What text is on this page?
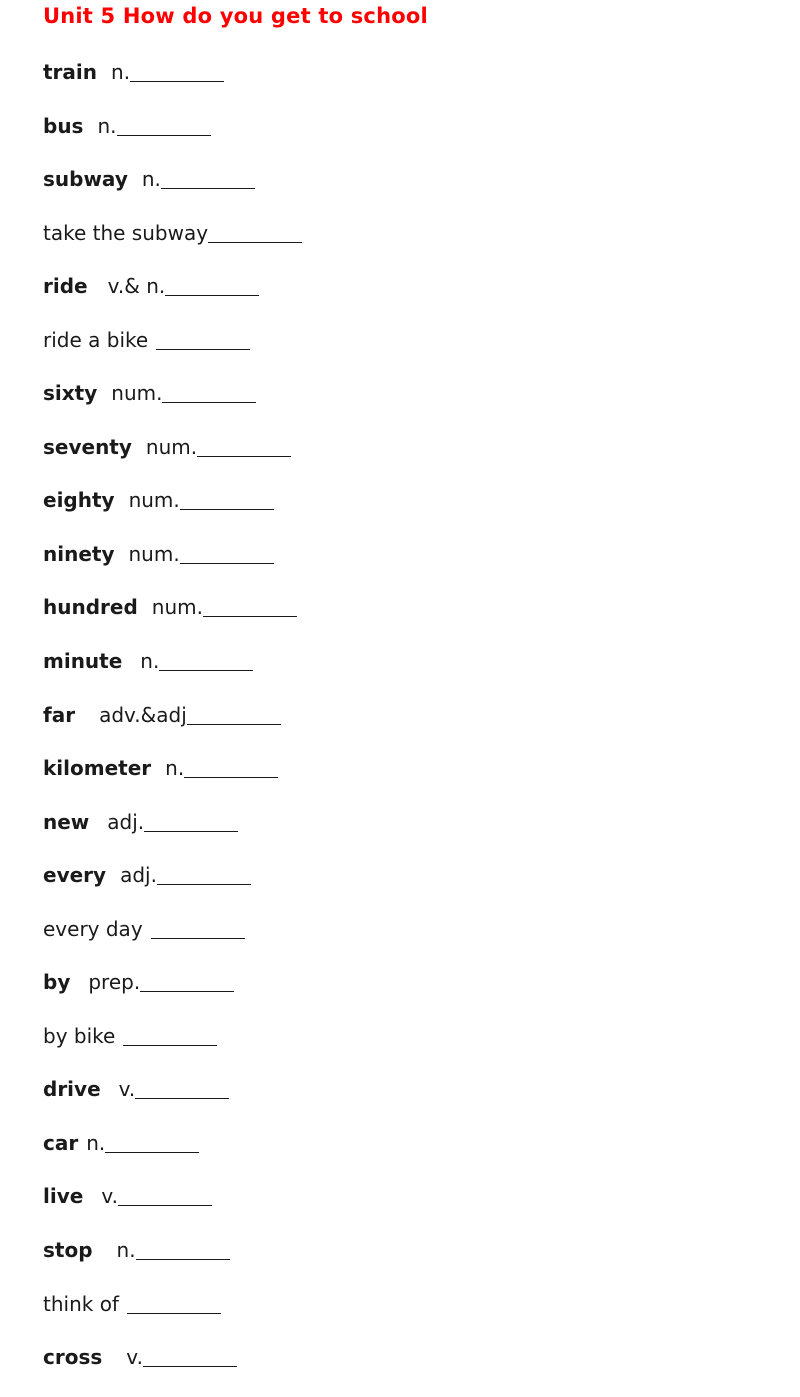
Unit 5 How do you get to school
train n.
bus n.
subway n.
take the subway
ride v.& n.
ride a bike
sixty num.
seventy num.
eighty num.
ninety num.
hundred num.
minute n.
far adv.&adj
kilometer n.
new adj.
every adj.
every day
by prep.
by bike
drive v.
car n.
live v.
stop n.
think of
cross v.
